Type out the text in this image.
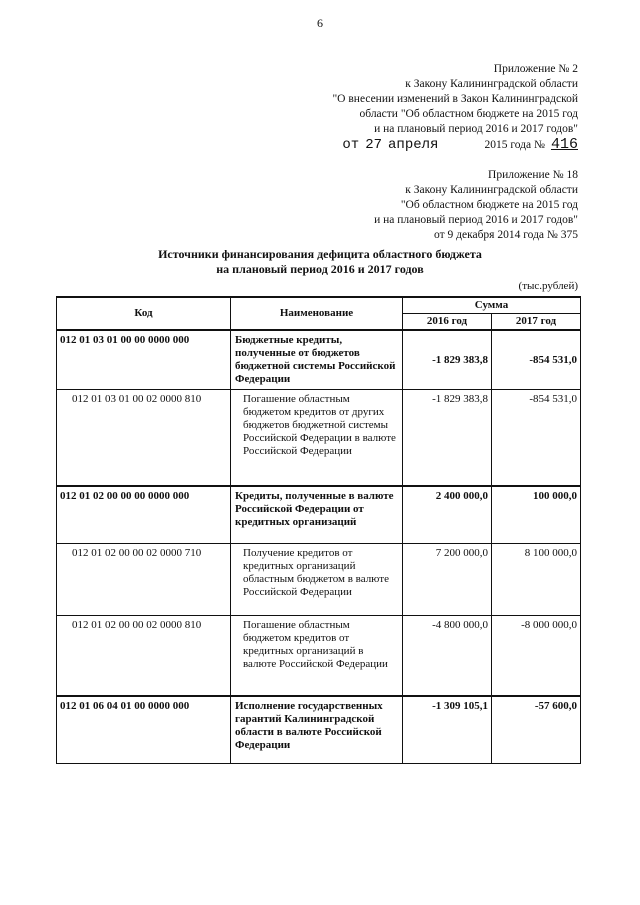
6
Приложение № 2
к Закону Калининградской области
"О внесении изменений в Закон Калининградской
области "Об областном бюджете на 2015 год
и на плановый период 2016 и 2017 годов"
от 27 апреля	2015 года № 416
Приложение № 18
к Закону Калининградской области
"Об областном бюджете на 2015 год
и на плановый период 2016 и 2017 годов"
от 9 декабря 2014 года № 375
Источники финансирования дефицита областного бюджета
на плановый период 2016 и 2017 годов
(тыс.рублей)
Код	Наименование	Сумма	
		2016 год	2017 год
012 01 03 01 00 00 0000 000	Бюджетные кредиты, полученные от бюджетов бюджетной системы Российской Федерации	-1 829 383,8	-854 531,0
012 01 03 01 00 02 0000 810	Погашение областным бюджетом кредитов от других бюджетов бюджетной системы Российской Федерации в валюте Российской Федерации	-1 829 383,8	-854 531,0
012 01 02 00 00 00 0000 000	Кредиты, полученные в валюте Российской Федерации от кредитных организаций	2 400 000,0	100 000,0
012 01 02 00 00 02 0000 710	Получение кредитов от кредитных организаций областным бюджетом в валюте Российской Федерации	7 200 000,0	8 100 000,0
012 01 02 00 00 02 0000 810	Погашение областным бюджетом кредитов от кредитных организаций в валюте Российской Федерации	-4 800 000,0	-8 000 000,0
012 01 06 04 01 00 0000 000	Исполнение государственных гарантий Калининградской области в валюте Российской Федерации	-1 309 105,1	-57 600,0
